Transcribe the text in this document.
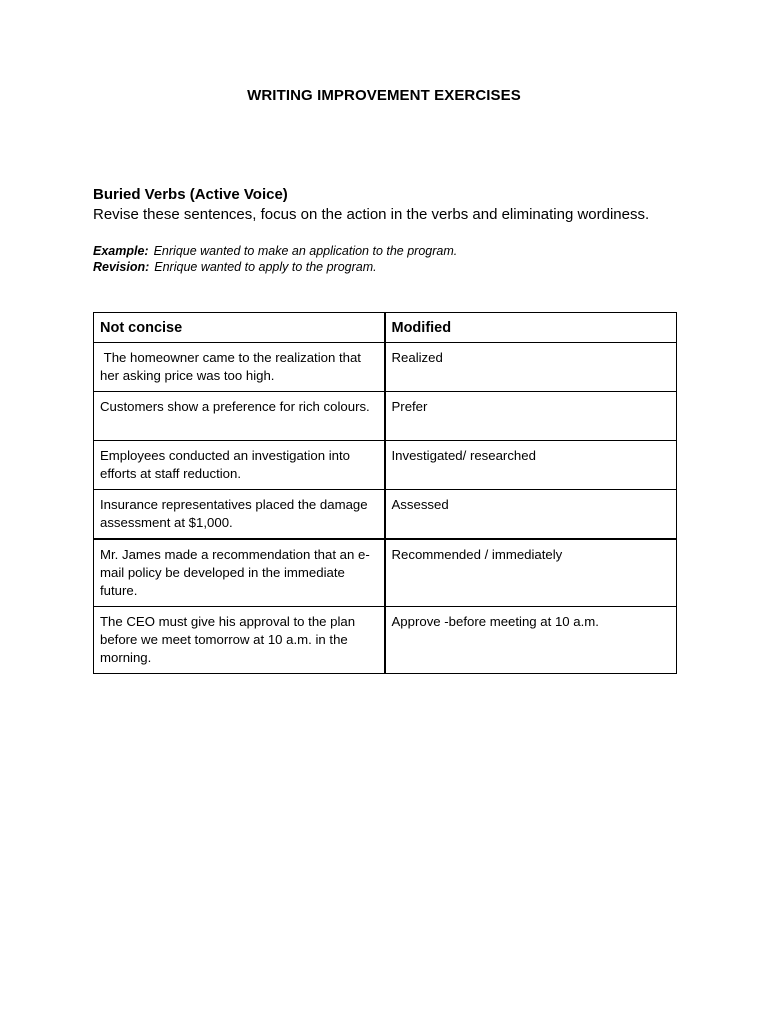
WRITING IMPROVEMENT EXERCISES
Buried Verbs (Active Voice)
Revise these sentences, focus on the action in the verbs and eliminating wordiness.
Example: Enrique wanted to make an application to the program.
Revision: Enrique wanted to apply to the program.
Not concise	Modified
The homeowner came to the realization that her asking price was too high.	Realized
Customers show a preference for rich colours.	Prefer
Employees conducted an investigation into efforts at staff reduction.	Investigated/ researched
Insurance representatives placed the damage assessment at $1,000.	Assessed
Mr. James made a recommendation that an e-mail policy be developed in the immediate future.	Recommended / immediately
The CEO must give his approval to the plan before we meet tomorrow at 10 a.m. in the morning.	Approve -before meeting at 10 a.m.
